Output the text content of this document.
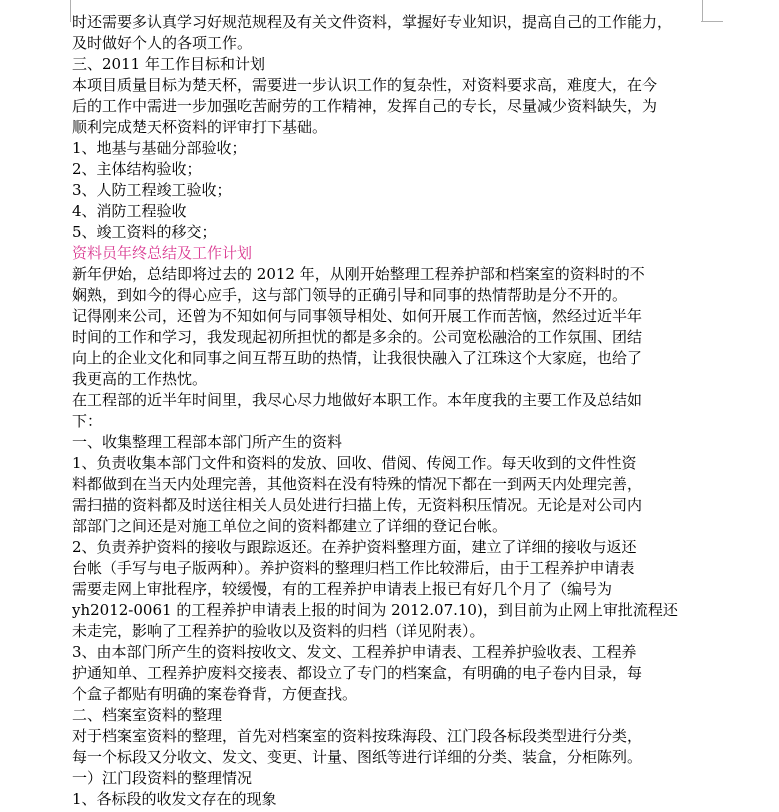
时还需要多认真学习好规范规程及有关文件资料，掌握好专业知识，提高自己的工作能力，
及时做好个人的各项工作。
三、2011 年工作目标和计划
本项目质量目标为楚天杯，需要进一步认识工作的复杂性，对资料要求高，难度大，在今
后的工作中需进一步加强吃苦耐劳的工作精神，发挥自己的专长，尽量减少资料缺失，为
顺利完成楚天杯资料的评审打下基础。
1、地基与基础分部验收；
2、主体结构验收；
3、人防工程竣工验收；
4、消防工程验收
5、竣工资料的移交；
资料员年终总结及工作计划
新年伊始，总结即将过去的 2012 年，从刚开始整理工程养护部和档案室的资料时的不
娴熟，到如今的得心应手，这与部门领导的正确引导和同事的热情帮助是分不开的。
记得刚来公司，还曾为不知如何与同事领导相处、如何开展工作而苦恼，然经过近半年
时间的工作和学习，我发现起初所担忧的都是多余的。公司宽松融洽的工作氛围、团结
向上的企业文化和同事之间互帮互助的热情，让我很快融入了江珠这个大家庭，也给了
我更高的工作热忱。
在工程部的近半年时间里，我尽心尽力地做好本职工作。本年度我的主要工作及总结如
下：
一、收集整理工程部本部门所产生的资料
1、负责收集本部门文件和资料的发放、回收、借阅、传阅工作。每天收到的文件性资
料都做到在当天内处理完善，其他资料在没有特殊的情况下都在一到两天内处理完善，
需扫描的资料都及时送往相关人员处进行扫描上传，无资料积压情况。无论是对公司内
部部门之间还是对施工单位之间的资料都建立了详细的登记台帐。
2、负责养护资料的接收与跟踪返还。在养护资料整理方面，建立了详细的接收与返还
台帐（手写与电子版两种）。养护资料的整理归档工作比较滞后，由于工程养护申请表
需要走网上审批程序，较缓慢，有的工程养护申请表上报已有好几个月了（编号为
yh2012-0061 的工程养护申请表上报的时间为 2012.07.10)，到目前为止网上审批流程还
未走完，影响了工程养护的验收以及资料的归档（详见附表）。
3、由本部门所产生的资料按收文、发文、工程养护申请表、工程养护验收表、工程养
护通知单、工程养护废料交接表、都设立了专门的档案盒，有明确的电子卷内目录，每
个盒子都贴有明确的案卷脊背，方便查找。
二、档案室资料的整理
对于档案室资料的整理，首先对档案室的资料按珠海段、江门段各标段类型进行分类，
每一个标段又分收文、发文、变更、计量、图纸等进行详细的分类、装盒，分柜陈列。
一）江门段资料的整理情况
1、各标段的收发文存在的现象
